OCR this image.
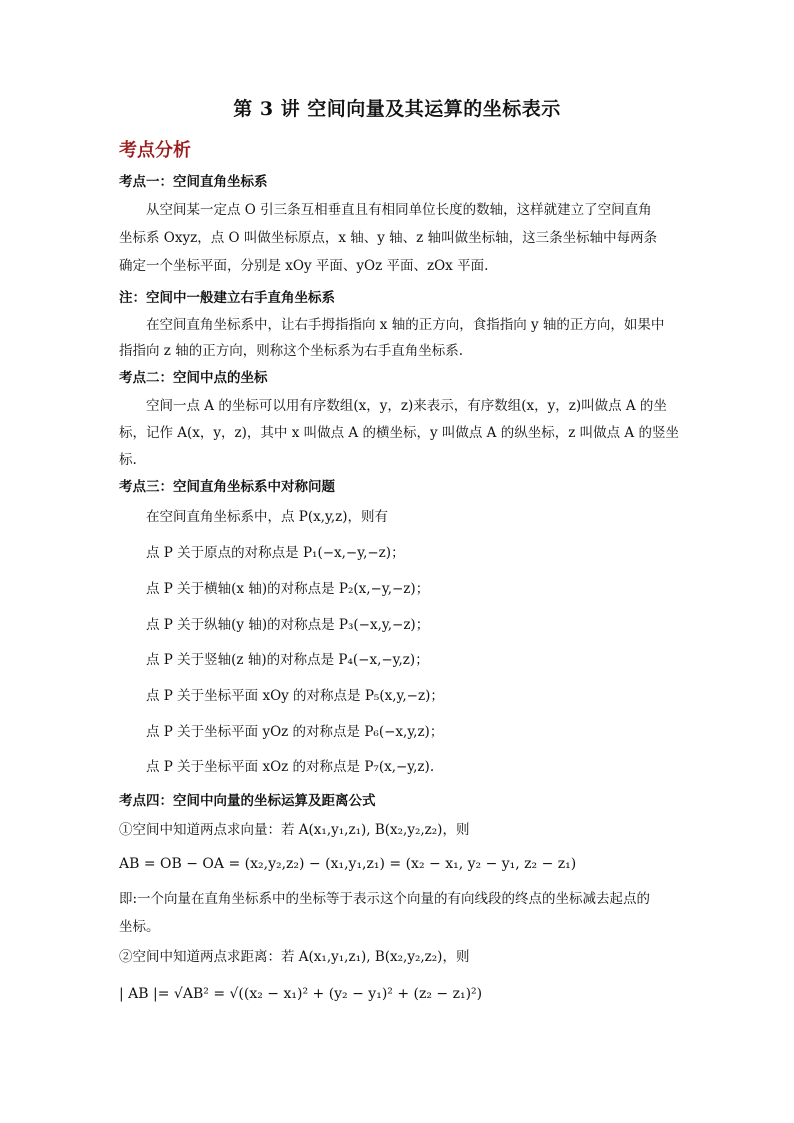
第 3 讲 空间向量及其运算的坐标表示
考点分析
考点一：空间直角坐标系
从空间某一定点 O 引三条互相垂直且有相同单位长度的数轴，这样就建立了空间直角
坐标系 Oxyz，点 O 叫做坐标原点，x 轴、y 轴、z 轴叫做坐标轴，这三条坐标轴中每两条
确定一个坐标平面，分别是 xOy 平面、yOz 平面、zOx 平面.
注：空间中一般建立右手直角坐标系
在空间直角坐标系中，让右手拇指指向 x 轴的正方向，食指指向 y 轴的正方向，如果中
指指向 z 轴的正方向，则称这个坐标系为右手直角坐标系.
考点二：空间中点的坐标
空间一点 A 的坐标可以用有序数组(x，y，z)来表示，有序数组(x，y，z)叫做点 A 的坐
标，记作 A(x，y，z)，其中 x 叫做点 A 的横坐标，y 叫做点 A 的纵坐标，z 叫做点 A 的竖坐
标.
考点三：空间直角坐标系中对称问题
在空间直角坐标系中，点 P(x,y,z)，则有
点 P 关于原点的对称点是 P₁(−x,−y,−z)；
点 P 关于横轴(x 轴)的对称点是 P₂(x,−y,−z)；
点 P 关于纵轴(y 轴)的对称点是 P₃(−x,y,−z)；
点 P 关于竖轴(z 轴)的对称点是 P₄(−x,−y,z)；
点 P 关于坐标平面 xOy 的对称点是 P₅(x,y,−z)；
点 P 关于坐标平面 yOz 的对称点是 P₆(−x,y,z)；
点 P 关于坐标平面 xOz 的对称点是 P₇(x,−y,z).
考点四：空间中向量的坐标运算及距离公式
①空间中知道两点求向量：若 A(x₁,y₁,z₁), B(x₂,y₂,z₂)，则
AB = OB − OA = (x₂,y₂,z₂) − (x₁,y₁,z₁) = (x₂ − x₁, y₂ − y₁, z₂ − z₁)
即:一个向量在直角坐标系中的坐标等于表示这个向量的有向线段的终点的坐标减去起点的
坐标。
②空间中知道两点求距离：若 A(x₁,y₁,z₁), B(x₂,y₂,z₂)，则
| AB |= √AB² = √((x₂ − x₁)² + (y₂ − y₁)² + (z₂ − z₁)²)
